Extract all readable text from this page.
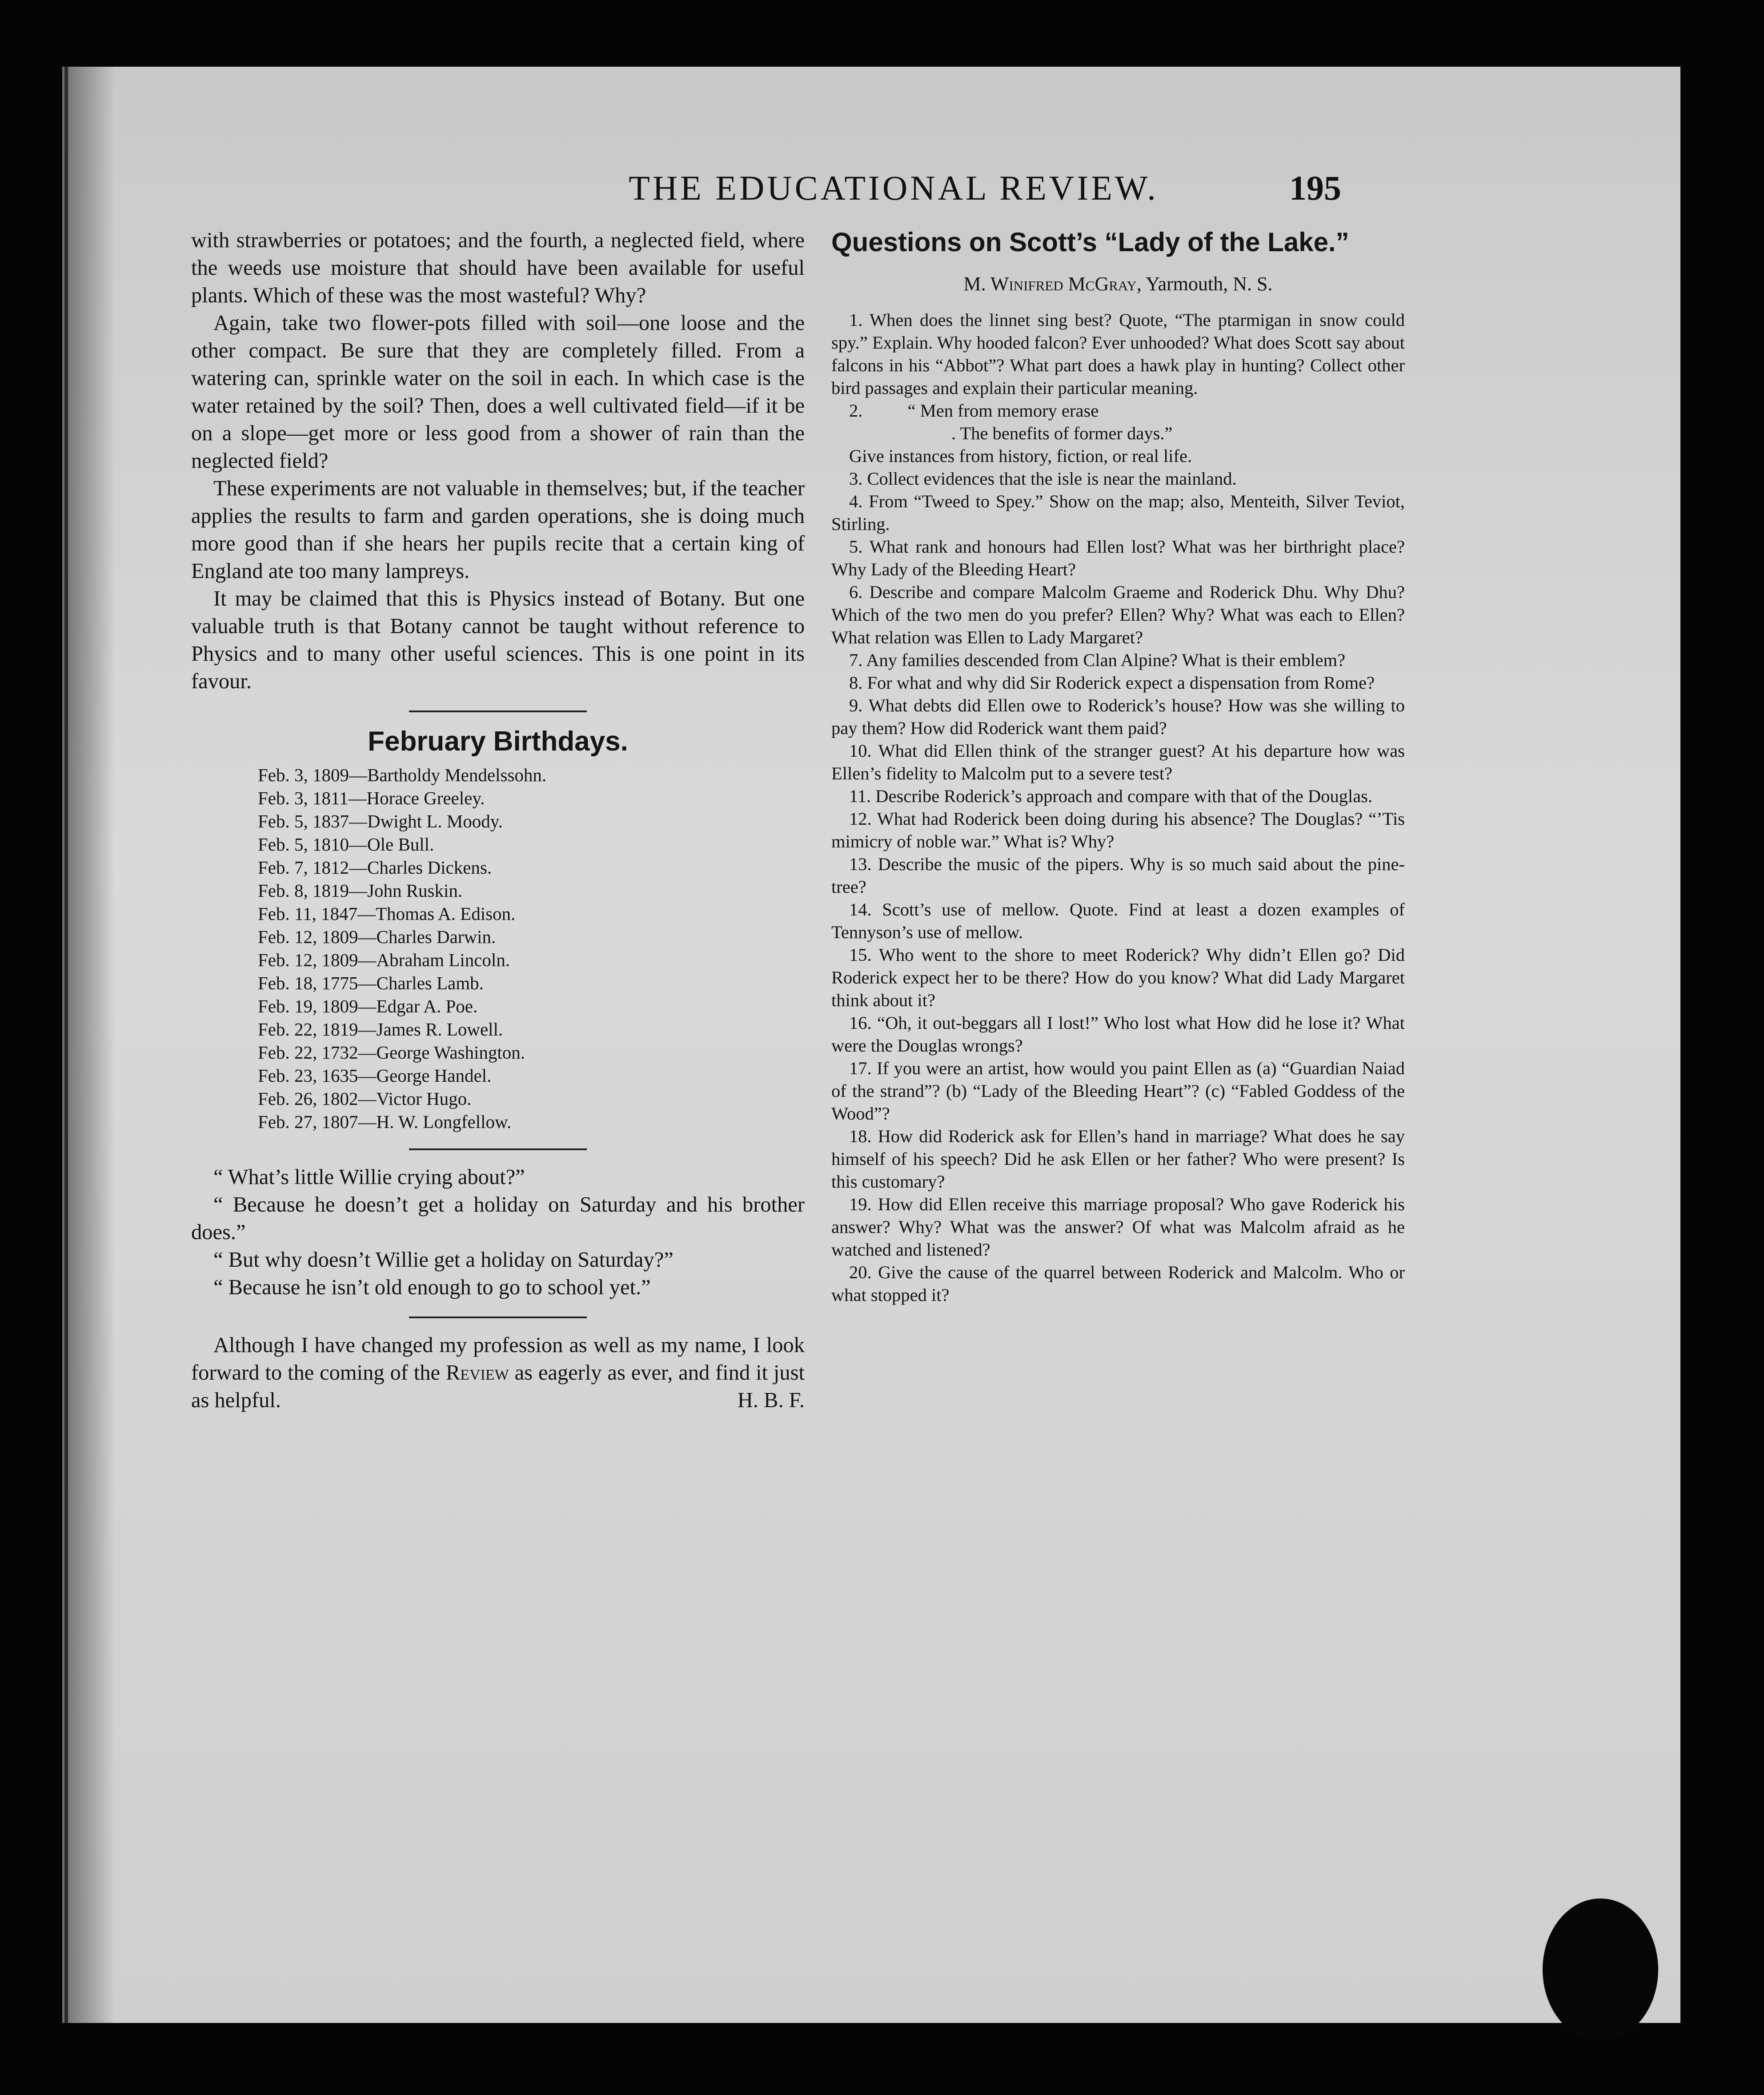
THE EDUCATIONAL REVIEW.	195

with strawberries or potatoes; and the fourth, a neglected field, where the weeds use moisture that should have been available for useful plants. Which of these was the most wasteful? Why?

Again, take two flower-pots filled with soil—one loose and the other compact. Be sure that they are completely filled. From a watering can, sprinkle water on the soil in each. In which case is the water retained by the soil? Then, does a well cultivated field—if it be on a slope—get more or less good from a shower of rain than the neglected field?

These experiments are not valuable in themselves; but, if the teacher applies the results to farm and garden operations, she is doing much more good than if she hears her pupils recite that a certain king of England ate too many lampreys.

It may be claimed that this is Physics instead of Botany. But one valuable truth is that Botany cannot be taught without reference to Physics and to many other useful sciences. This is one point in its favour.

February Birthdays.
Feb. 3, 1809—Bartholdy Mendelssohn.
Feb. 3, 1811—Horace Greeley.
Feb. 5, 1837—Dwight L. Moody.
Feb. 5, 1810—Ole Bull.
Feb. 7, 1812—Charles Dickens.
Feb. 8, 1819—John Ruskin.
Feb. 11, 1847—Thomas A. Edison.
Feb. 12, 1809—Charles Darwin.
Feb. 12, 1809—Abraham Lincoln.
Feb. 18, 1775—Charles Lamb.
Feb. 19, 1809—Edgar A. Poe.
Feb. 22, 1819—James R. Lowell.
Feb. 22, 1732—George Washington.
Feb. 23, 1635—George Handel.
Feb. 26, 1802—Victor Hugo.
Feb. 27, 1807—H. W. Longfellow.

“ What’s little Willie crying about?”

“ Because he doesn’t get a holiday on Saturday and his brother does.”

“ But why doesn’t Willie get a holiday on Saturday?”

“ Because he isn’t old enough to go to school yet.”

Although I have changed my profession as well as my name, I look forward to the coming of the Review as eagerly as ever, and find it just as helpful.	H. B. F.

Questions on Scott’s “Lady of the Lake.”

M. Winifred McGray, Yarmouth, N. S.

1. When does the linnet sing best? Quote, “The ptarmigan in snow could spy.” Explain. Why hooded falcon? Ever unhooded? What does Scott say about falcons in his “Abbot”? What part does a hawk play in hunting? Collect other bird passages and explain their particular meaning.

2.          “ Men from memory erase

. The benefits of former days.”

Give instances from history, fiction, or real life.

3. Collect evidences that the isle is near the mainland.
4. From “Tweed to Spey.” Show on the map; also, Menteith, Silver Teviot, Stirling.
5. What rank and honours had Ellen lost? What was her birthright place? Why Lady of the Bleeding Heart?
6. Describe and compare Malcolm Graeme and Roderick Dhu. Why Dhu? Which of the two men do you prefer? Ellen? Why? What was each to Ellen? What relation was Ellen to Lady Margaret?
7. Any families descended from Clan Alpine? What is their emblem?
8. For what and why did Sir Roderick expect a dispensation from Rome?
9. What debts did Ellen owe to Roderick’s house? How was she willing to pay them? How did Roderick want them paid?
10. What did Ellen think of the stranger guest? At his departure how was Ellen’s fidelity to Malcolm put to a severe test?
11. Describe Roderick’s approach and compare with that of the Douglas.
12. What had Roderick been doing during his absence? The Douglas? “’Tis mimicry of noble war.” What is? Why?
13. Describe the music of the pipers. Why is so much said about the pine-tree?
14. Scott’s use of mellow. Quote. Find at least a dozen examples of Tennyson’s use of mellow.
15. Who went to the shore to meet Roderick? Why didn’t Ellen go? Did Roderick expect her to be there? How do you know? What did Lady Margaret think about it?
16. “Oh, it out-beggars all I lost!” Who lost what How did he lose it? What were the Douglas wrongs?
17. If you were an artist, how would you paint Ellen as (a) “Guardian Naiad of the strand”? (b) “Lady of the Bleeding Heart”? (c) “Fabled Goddess of the Wood”?
18. How did Roderick ask for Ellen’s hand in marriage? What does he say himself of his speech? Did he ask Ellen or her father? Who were present? Is this customary?
19. How did Ellen receive this marriage proposal? Who gave Roderick his answer? Why? What was the answer? Of what was Malcolm afraid as he watched and listened?
20. Give the cause of the quarrel between Roderick and Malcolm. Who or what stopped it?
